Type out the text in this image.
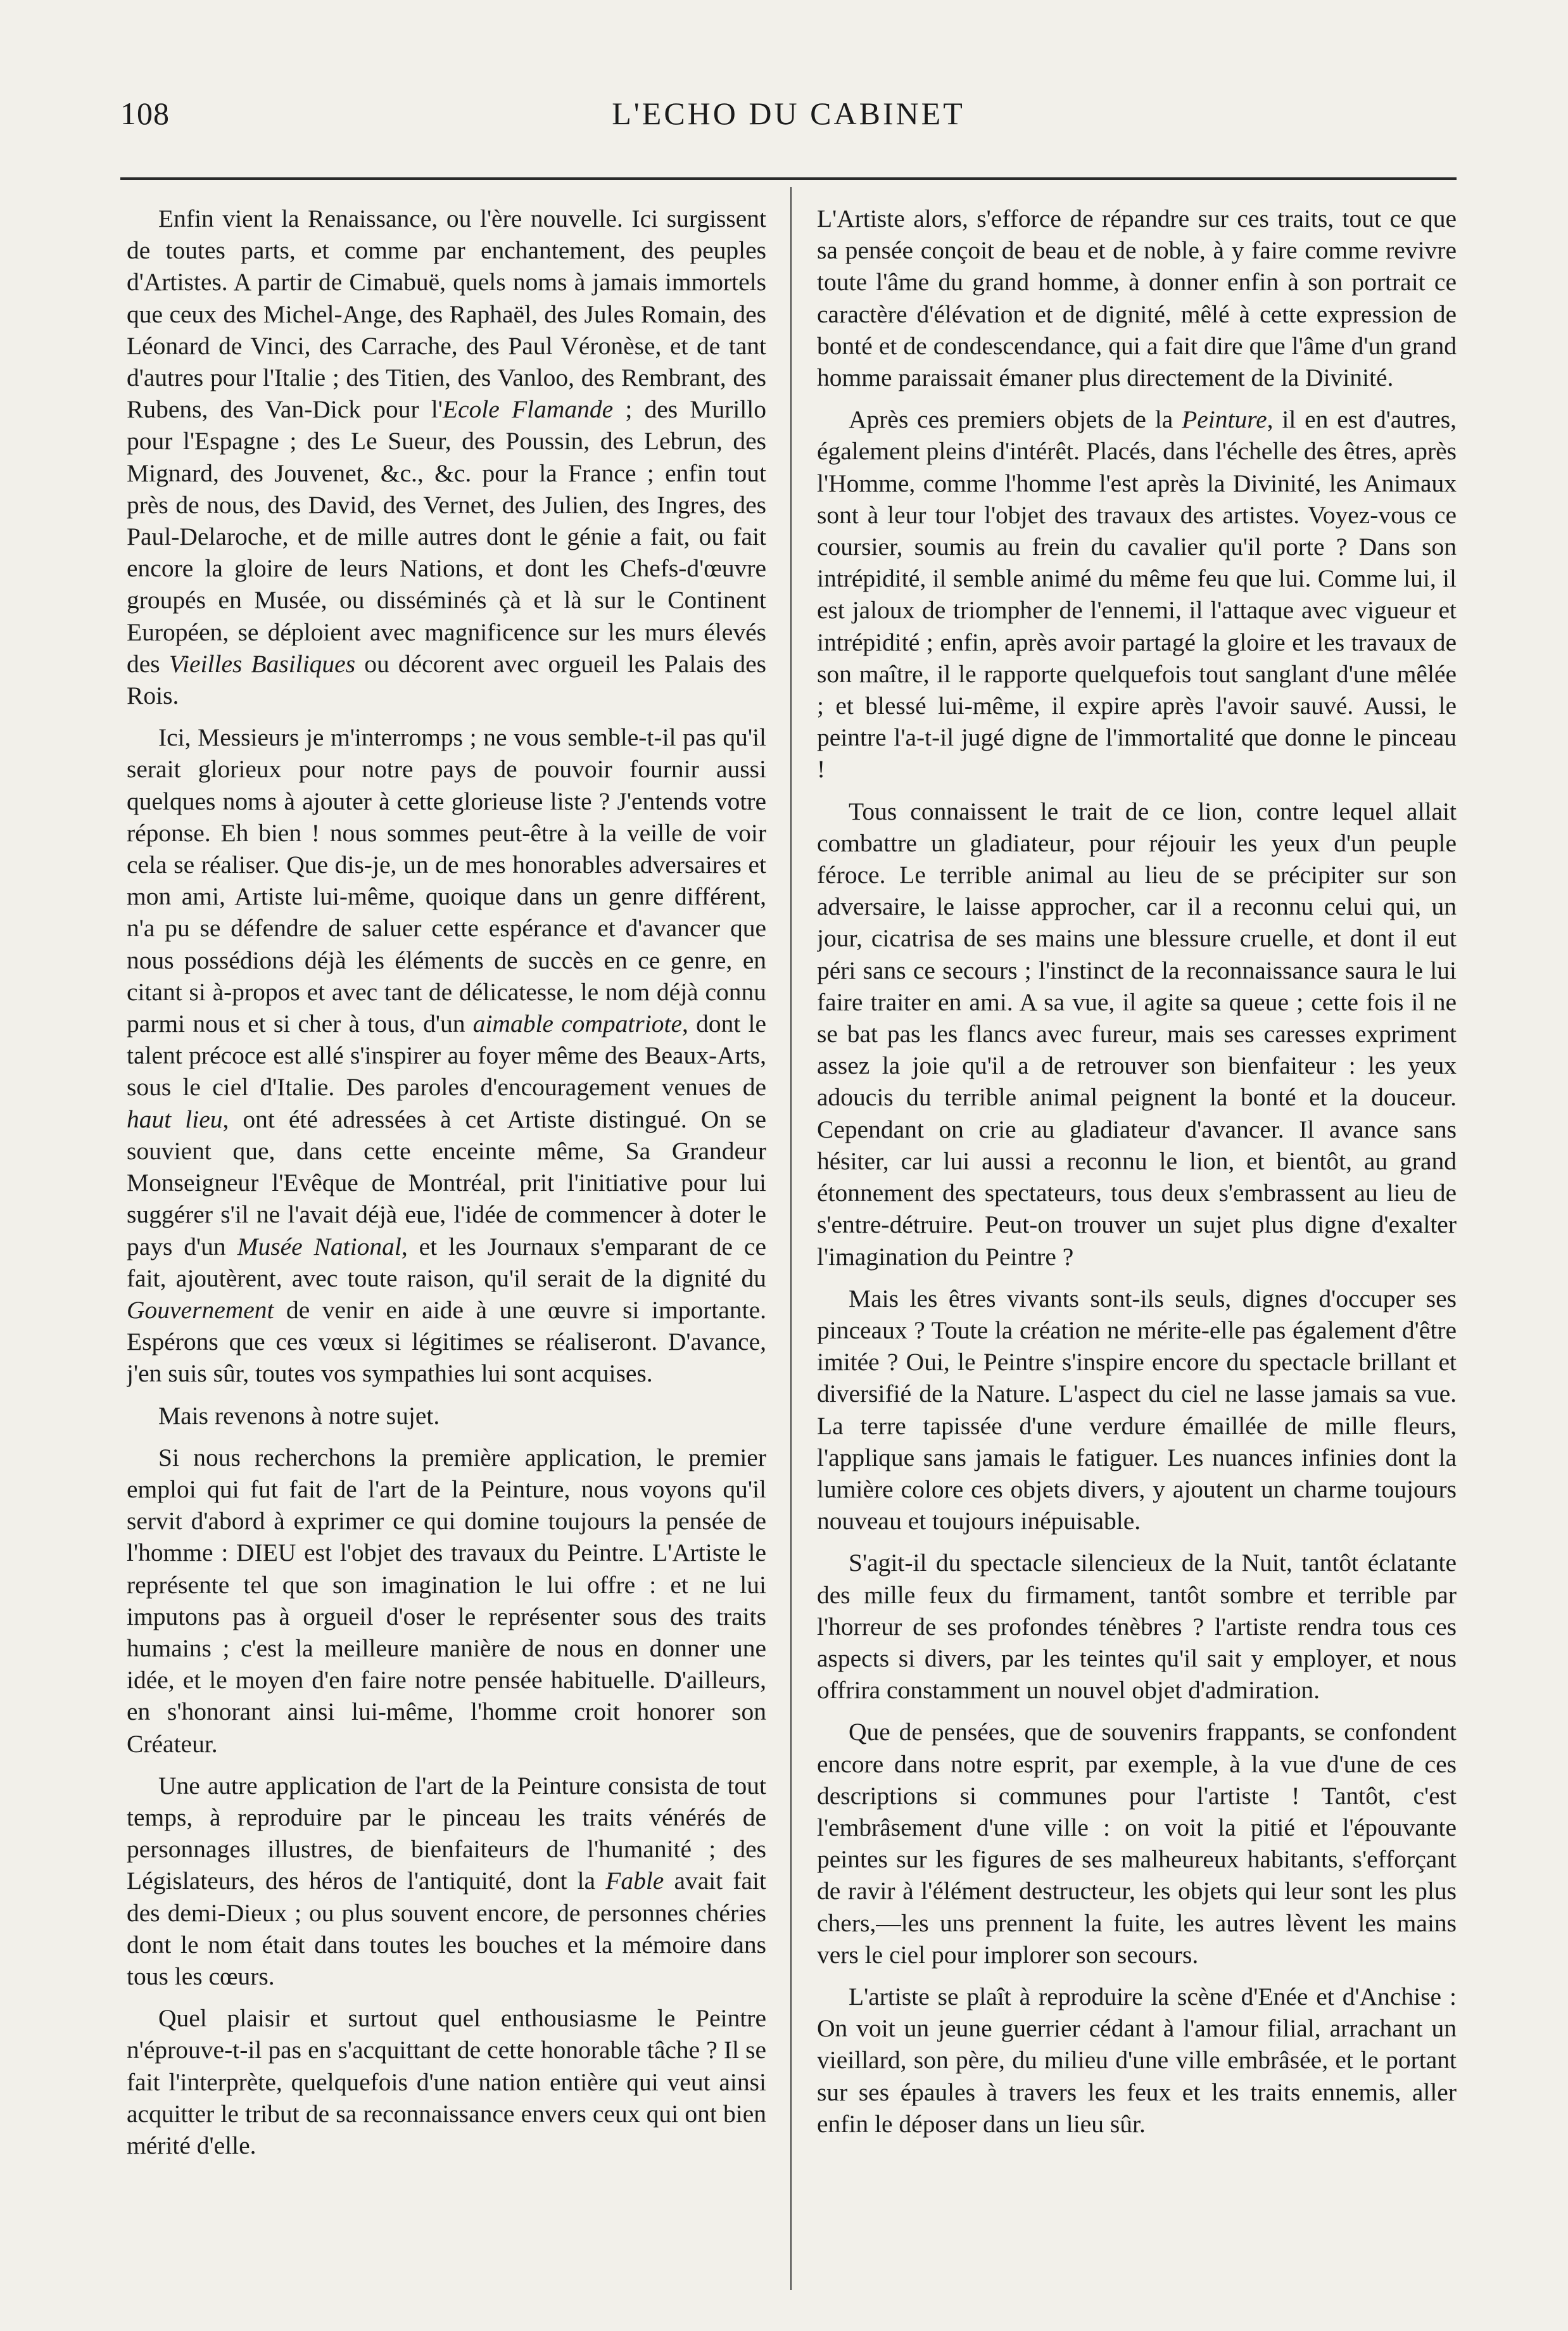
108	L'ECHO DU CABINET

Enfin vient la Renaissance, ou l'ère nouvelle. Ici surgissent de toutes parts, et comme par enchantement, des peuples d'Artistes. A partir de Cimabuë, quels noms à jamais immortels que ceux des Michel-Ange, des Raphaël, des Jules Romain, des Léonard de Vinci, des Carrache, des Paul Véronèse, et de tant d'autres pour l'Italie ; des Titien, des Vanloo, des Rembrant, des Rubens, des Van-Dick pour l'Ecole Flamande ; des Murillo pour l'Espagne ; des Le Sueur, des Poussin, des Lebrun, des Mignard, des Jouvenet, &c., &c. pour la France ; enfin tout près de nous, des David, des Vernet, des Julien, des Ingres, des Paul-Delaroche, et de mille autres dont le génie a fait, ou fait encore la gloire de leurs Nations, et dont les Chefs-d'œuvre groupés en Musée, ou disséminés çà et là sur le Continent Européen, se déploient avec magnificence sur les murs élevés des Vieilles Basiliques ou décorent avec orgueil les Palais des Rois.

Ici, Messieurs je m'interromps ; ne vous semble-t-il pas qu'il serait glorieux pour notre pays de pouvoir fournir aussi quelques noms à ajouter à cette glorieuse liste ? J'entends votre réponse. Eh bien ! nous sommes peut-être à la veille de voir cela se réaliser. Que dis-je, un de mes honorables adversaires et mon ami, Artiste lui-même, quoique dans un genre différent, n'a pu se défendre de saluer cette espérance et d'avancer que nous possédions déjà les éléments de succès en ce genre, en citant si à-propos et avec tant de délicatesse, le nom déjà connu parmi nous et si cher à tous, d'un aimable compatriote, dont le talent précoce est allé s'inspirer au foyer même des Beaux-Arts, sous le ciel d'Italie. Des paroles d'encouragement venues de haut lieu, ont été adressées à cet Artiste distingué. On se souvient que, dans cette enceinte même, Sa Grandeur Monseigneur l'Evêque de Montréal, prit l'initiative pour lui suggérer s'il ne l'avait déjà eue, l'idée de commencer à doter le pays d'un Musée National, et les Journaux s'emparant de ce fait, ajoutèrent, avec toute raison, qu'il serait de la dignité du Gouvernement de venir en aide à une œuvre si importante. Espérons que ces vœux si légitimes se réaliseront. D'avance, j'en suis sûr, toutes vos sympathies lui sont acquises.

Mais revenons à notre sujet.

Si nous recherchons la première application, le premier emploi qui fut fait de l'art de la Peinture, nous voyons qu'il servit d'abord à exprimer ce qui domine toujours la pensée de l'homme : DIEU est l'objet des travaux du Peintre. L'Artiste le représente tel que son imagination le lui offre : et ne lui imputons pas à orgueil d'oser le représenter sous des traits humains ; c'est la meilleure manière de nous en donner une idée, et le moyen d'en faire notre pensée habituelle. D'ailleurs, en s'honorant ainsi lui-même, l'homme croit honorer son Créateur.

Une autre application de l'art de la Peinture consista de tout temps, à reproduire par le pinceau les traits vénérés de personnages illustres, de bienfaiteurs de l'humanité ; des Législateurs, des héros de l'antiquité, dont la Fable avait fait des demi-Dieux ; ou plus souvent encore, de personnes chéries dont le nom était dans toutes les bouches et la mémoire dans tous les cœurs.

Quel plaisir et surtout quel enthousiasme le Peintre n'éprouve-t-il pas en s'acquittant de cette honorable tâche ? Il se fait l'interprète, quelquefois d'une nation entière qui veut ainsi acquitter le tribut de sa reconnaissance envers ceux qui ont bien mérité d'elle.

L'Artiste alors, s'efforce de répandre sur ces traits, tout ce que sa pensée conçoit de beau et de noble, à y faire comme revivre toute l'âme du grand homme, à donner enfin à son portrait ce caractère d'élévation et de dignité, mêlé à cette expression de bonté et de condescendance, qui a fait dire que l'âme d'un grand homme paraissait émaner plus directement de la Divinité.

Après ces premiers objets de la Peinture, il en est d'autres, également pleins d'intérêt. Placés, dans l'échelle des êtres, après l'Homme, comme l'homme l'est après la Divinité, les Animaux sont à leur tour l'objet des travaux des artistes. Voyez-vous ce coursier, soumis au frein du cavalier qu'il porte ? Dans son intrépidité, il semble animé du même feu que lui. Comme lui, il est jaloux de triompher de l'ennemi, il l'attaque avec vigueur et intrépidité ; enfin, après avoir partagé la gloire et les travaux de son maître, il le rapporte quelquefois tout sanglant d'une mêlée ; et blessé lui-même, il expire après l'avoir sauvé. Aussi, le peintre l'a-t-il jugé digne de l'immortalité que donne le pinceau !

Tous connaissent le trait de ce lion, contre lequel allait combattre un gladiateur, pour réjouir les yeux d'un peuple féroce. Le terrible animal au lieu de se précipiter sur son adversaire, le laisse approcher, car il a reconnu celui qui, un jour, cicatrisa de ses mains une blessure cruelle, et dont il eut péri sans ce secours ; l'instinct de la reconnaissance saura le lui faire traiter en ami. A sa vue, il agite sa queue ; cette fois il ne se bat pas les flancs avec fureur, mais ses caresses expriment assez la joie qu'il a de retrouver son bienfaiteur : les yeux adoucis du terrible animal peignent la bonté et la douceur. Cependant on crie au gladiateur d'avancer. Il avance sans hésiter, car lui aussi a reconnu le lion, et bientôt, au grand étonnement des spectateurs, tous deux s'embrassent au lieu de s'entre-détruire. Peut-on trouver un sujet plus digne d'exalter l'imagination du Peintre ?

Mais les êtres vivants sont-ils seuls, dignes d'occuper ses pinceaux ? Toute la création ne mérite-elle pas également d'être imitée ? Oui, le Peintre s'inspire encore du spectacle brillant et diversifié de la Nature. L'aspect du ciel ne lasse jamais sa vue. La terre tapissée d'une verdure émaillée de mille fleurs, l'applique sans jamais le fatiguer. Les nuances infinies dont la lumière colore ces objets divers, y ajoutent un charme toujours nouveau et toujours inépuisable.

S'agit-il du spectacle silencieux de la Nuit, tantôt éclatante des mille feux du firmament, tantôt sombre et terrible par l'horreur de ses profondes ténèbres ? l'artiste rendra tous ces aspects si divers, par les teintes qu'il sait y employer, et nous offrira constamment un nouvel objet d'admiration.

Que de pensées, que de souvenirs frappants, se confondent encore dans notre esprit, par exemple, à la vue d'une de ces descriptions si communes pour l'artiste ! Tantôt, c'est l'embrâsement d'une ville : on voit la pitié et l'épouvante peintes sur les figures de ses malheureux habitants, s'efforçant de ravir à l'élément destructeur, les objets qui leur sont les plus chers,—les uns prennent la fuite, les autres lèvent les mains vers le ciel pour implorer son secours.

L'artiste se plaît à reproduire la scène d'Enée et d'Anchise : On voit un jeune guerrier cédant à l'amour filial, arrachant un vieillard, son père, du milieu d'une ville embrâsée, et le portant sur ses épaules à travers les feux et les traits ennemis, aller enfin le déposer dans un lieu sûr.
